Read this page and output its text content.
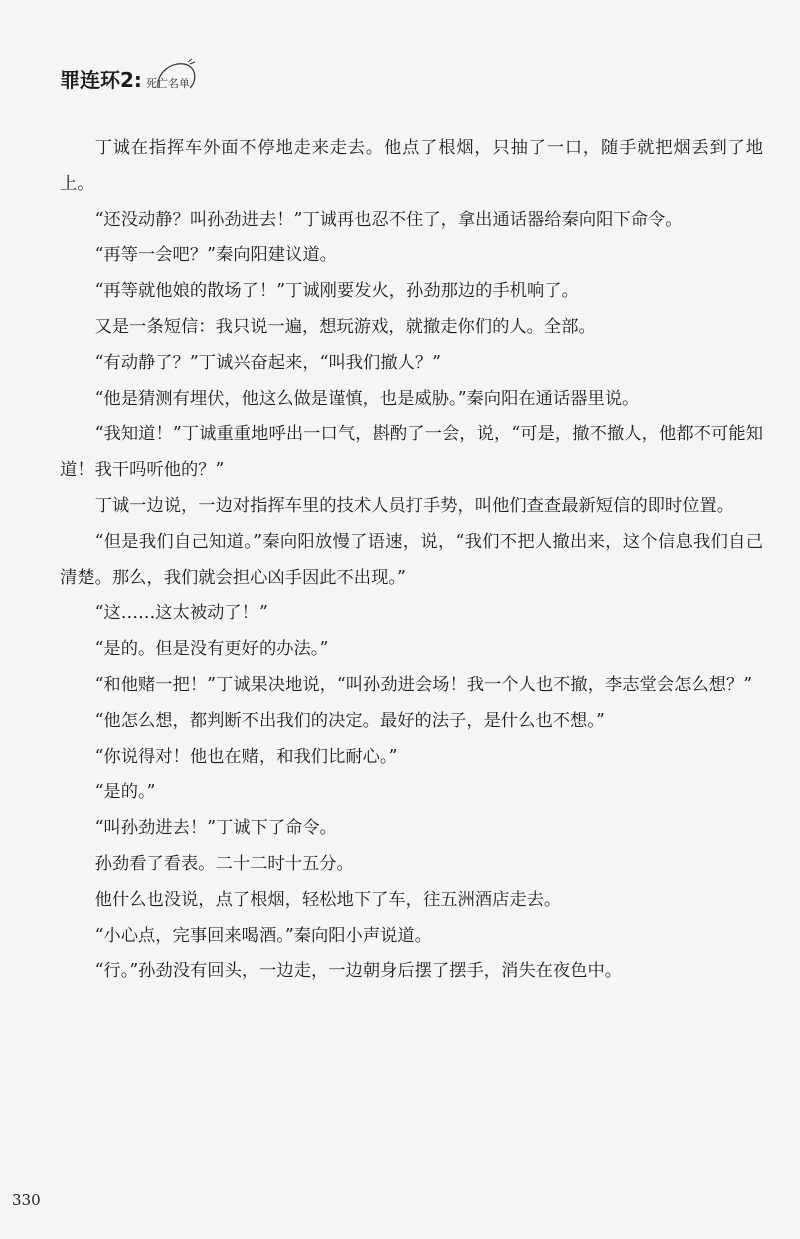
罪连环2: 死亡名单

丁诚在指挥车外面不停地走来走去。他点了根烟，只抽了一口，随手就把烟丢到了地上。

“还没动静？叫孙劲进去！”丁诚再也忍不住了，拿出通话器给秦向阳下命令。

“再等一会吧？”秦向阳建议道。

“再等就他娘的散场了！”丁诚刚要发火，孙劲那边的手机响了。

又是一条短信：我只说一遍，想玩游戏，就撤走你们的人。全部。

“有动静了？”丁诚兴奋起来，“叫我们撤人？”

“他是猜测有埋伏，他这么做是谨慎，也是威胁。”秦向阳在通话器里说。

“我知道！”丁诚重重地呼出一口气，斟酌了一会，说，“可是，撤不撤人，他都不可能知道！我干吗听他的？”

丁诚一边说，一边对指挥车里的技术人员打手势，叫他们查查最新短信的即时位置。

“但是我们自己知道。”秦向阳放慢了语速，说，“我们不把人撤出来，这个信息我们自己清楚。那么，我们就会担心凶手因此不出现。”

“这……这太被动了！”

“是的。但是没有更好的办法。”

“和他赌一把！”丁诚果决地说，“叫孙劲进会场！我一个人也不撤，李志堂会怎么想？”

“他怎么想，都判断不出我们的决定。最好的法子，是什么也不想。”

“你说得对！他也在赌，和我们比耐心。”

“是的。”

“叫孙劲进去！”丁诚下了命令。

孙劲看了看表。二十二时十五分。

他什么也没说，点了根烟，轻松地下了车，往五洲酒店走去。

“小心点，完事回来喝酒。”秦向阳小声说道。

“行。”孙劲没有回头，一边走，一边朝身后摆了摆手，消失在夜色中。

330
